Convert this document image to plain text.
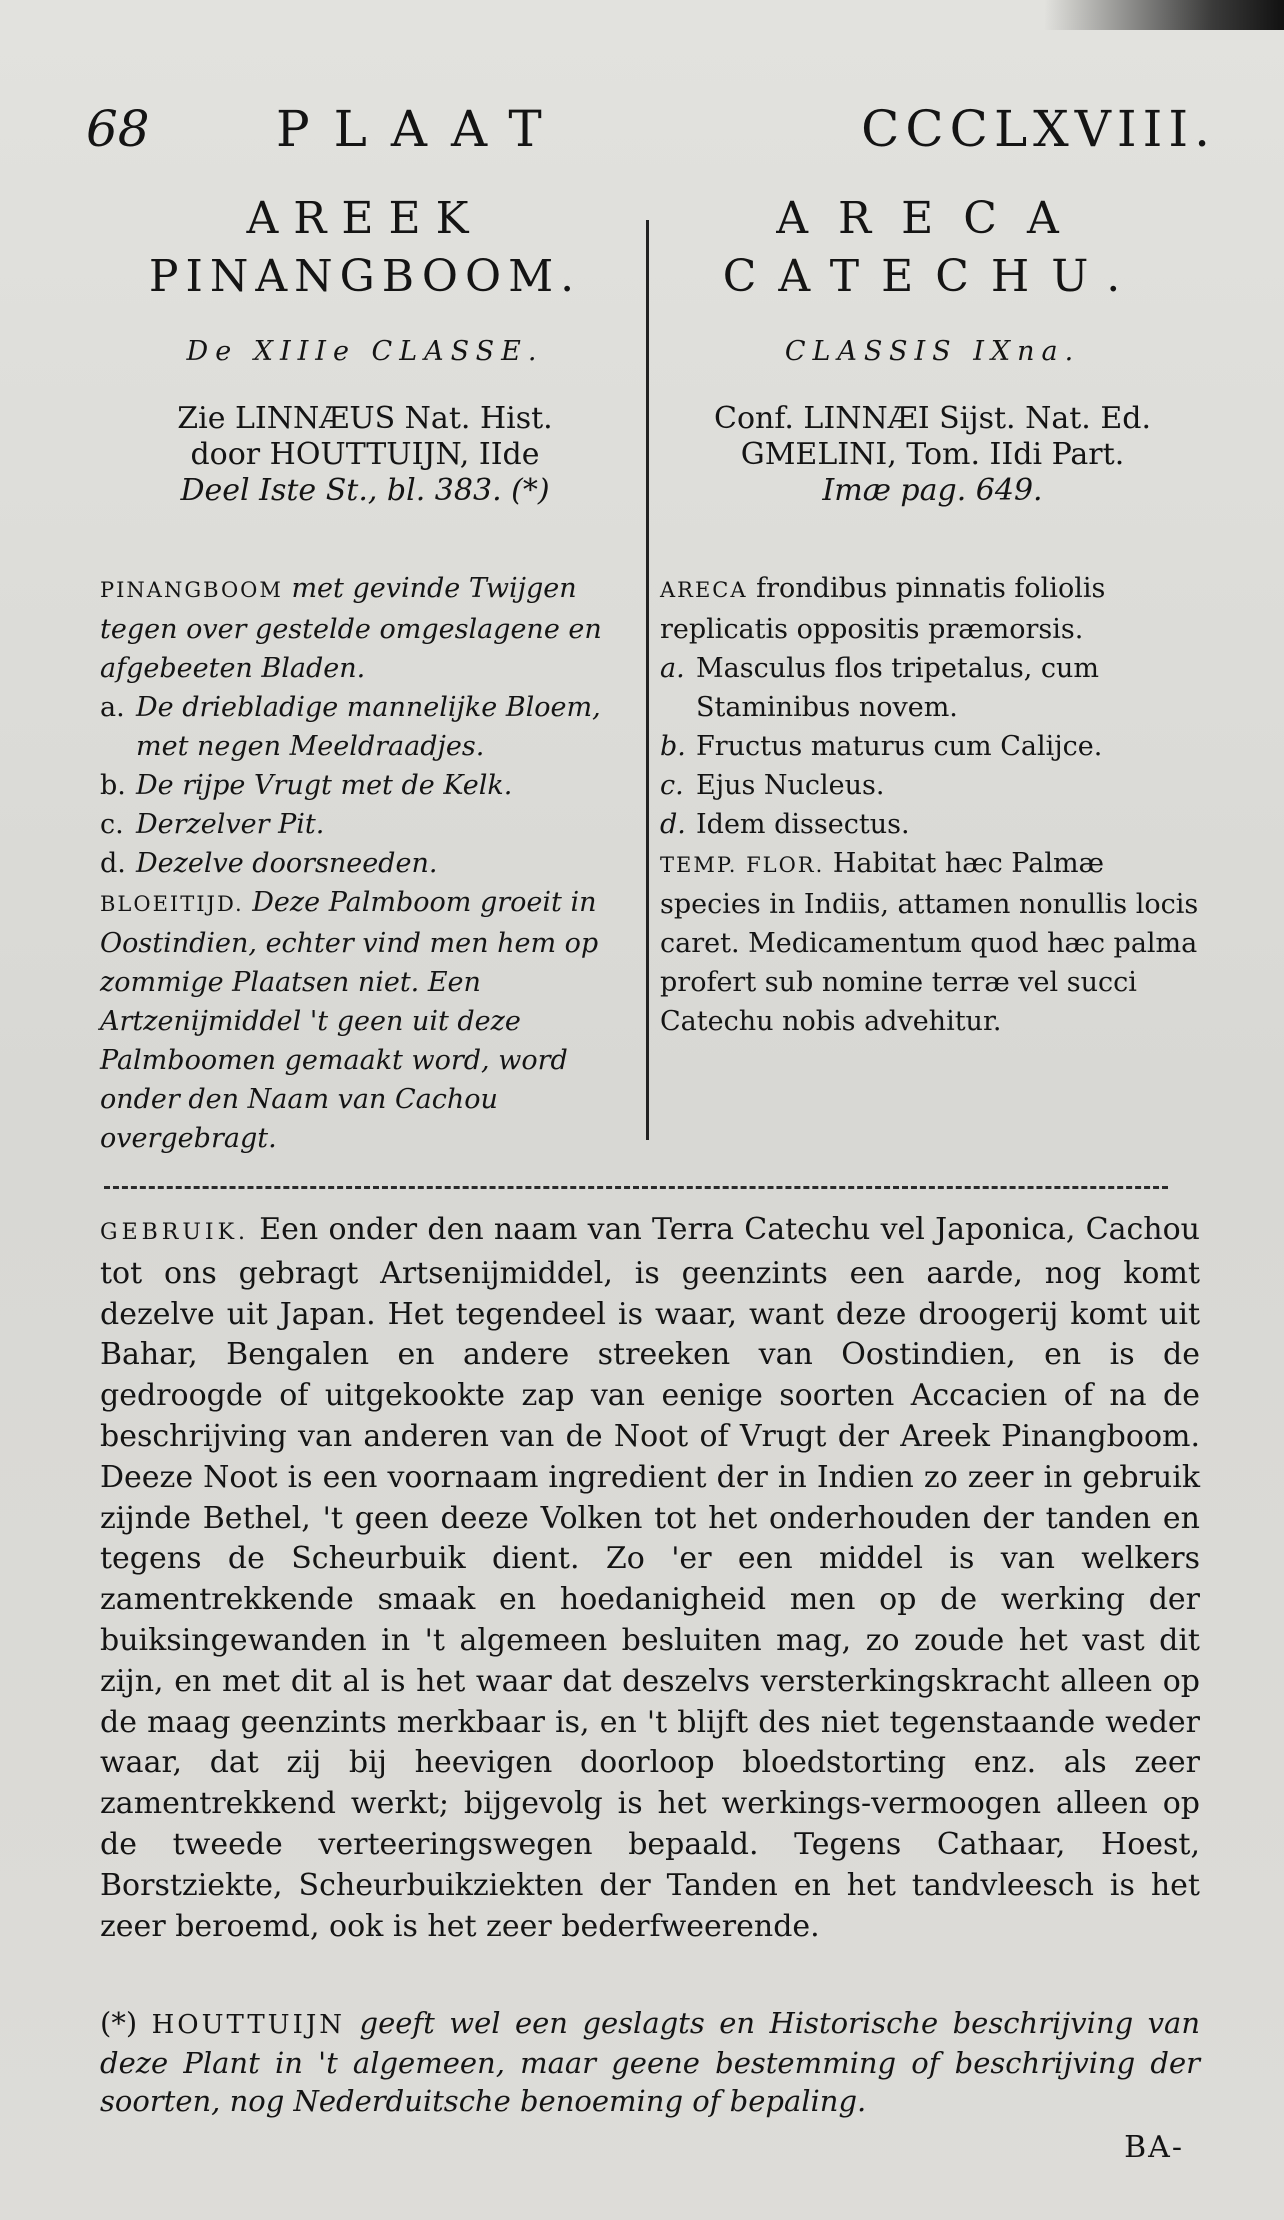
68	PLAAT	CCCLXVIII.
AREEK
PINANGBOOM.
De XIIIe CLASSE.
Zie LINNÆUS Nat. Hist.
door HOUTTUIJN, IIde
Deel Iste St., bl. 383. (*)

PINANGBOOM met gevinde Twijgen tegen over gestelde omgeslagene en afgebeeten Bladen.

a. De driebladige mannelijke Bloem, met negen Meeldraadjes.
b. De rijpe Vrugt met de Kelk.
c. Derzelver Pit.
d. Dezelve doorsneeden.

BLOEITIJD. Deze Palmboom groeit in Oostindien, echter vind men hem op zommige Plaatsen niet. Een Artzenijmiddel 't geen uit deze Palmboomen gemaakt word, word onder den Naam van Cachou overgebragt.

ARECA
CATECHU.
CLASSIS IXna.
Conf. LINNÆI Sijst. Nat. Ed.
GMELINI, Tom. IIdi Part.
Imæ pag. 649.

ARECA frondibus pinnatis foliolis replicatis oppositis præmorsis.

a. Masculus flos tripetalus, cum Staminibus novem.
b. Fructus maturus cum Calijce.
c. Ejus Nucleus.
d. Idem dissectus.

TEMP. FLOR. Habitat hæc Palmæ species in Indiis, attamen nonullis locis caret. Medicamentum quod hæc palma profert sub nomine terræ vel succi Catechu nobis advehitur.

GEBRUIK. Een onder den naam van Terra Catechu vel Japonica, Cachou tot ons gebragt Artsenijmiddel, is geenzints een aarde, nog komt dezelve uit Japan. Het tegendeel is waar, want deze droogerij komt uit Bahar, Bengalen en andere streeken van Oostindien, en is de gedroogde of uitgekookte zap van eenige soorten Accacien of na de beschrijving van anderen van de Noot of Vrugt der Areek Pinangboom. Deeze Noot is een voornaam ingredient der in Indien zo zeer in gebruik zijnde Bethel, 't geen deeze Volken tot het onderhouden der tanden en tegens de Scheurbuik dient. Zo 'er een middel is van welkers zamentrekkende smaak en hoedanigheid men op de werking der buiksingewanden in 't algemeen besluiten mag, zo zoude het vast dit zijn, en met dit al is het waar dat deszelvs versterkingskracht alleen op de maag geenzints merkbaar is, en 't blijft des niet tegenstaande weder waar, dat zij bij heevigen doorloop bloedstorting enz. als zeer zamentrekkend werkt; bijgevolg is het werkings-vermoogen alleen op de tweede verteeringswegen bepaald. Tegens Cathaar, Hoest, Borstziekte, Scheurbuikziekten der Tanden en het tandvleesch is het zeer beroemd, ook is het zeer bederfweerende.
(*) HOUTTUIJN geeft wel een geslagts en Historische beschrijving van deze Plant in 't algemeen, maar geene bestemming of beschrijving der soorten, nog Nederduitsche benoeming of bepaling.
BA-
